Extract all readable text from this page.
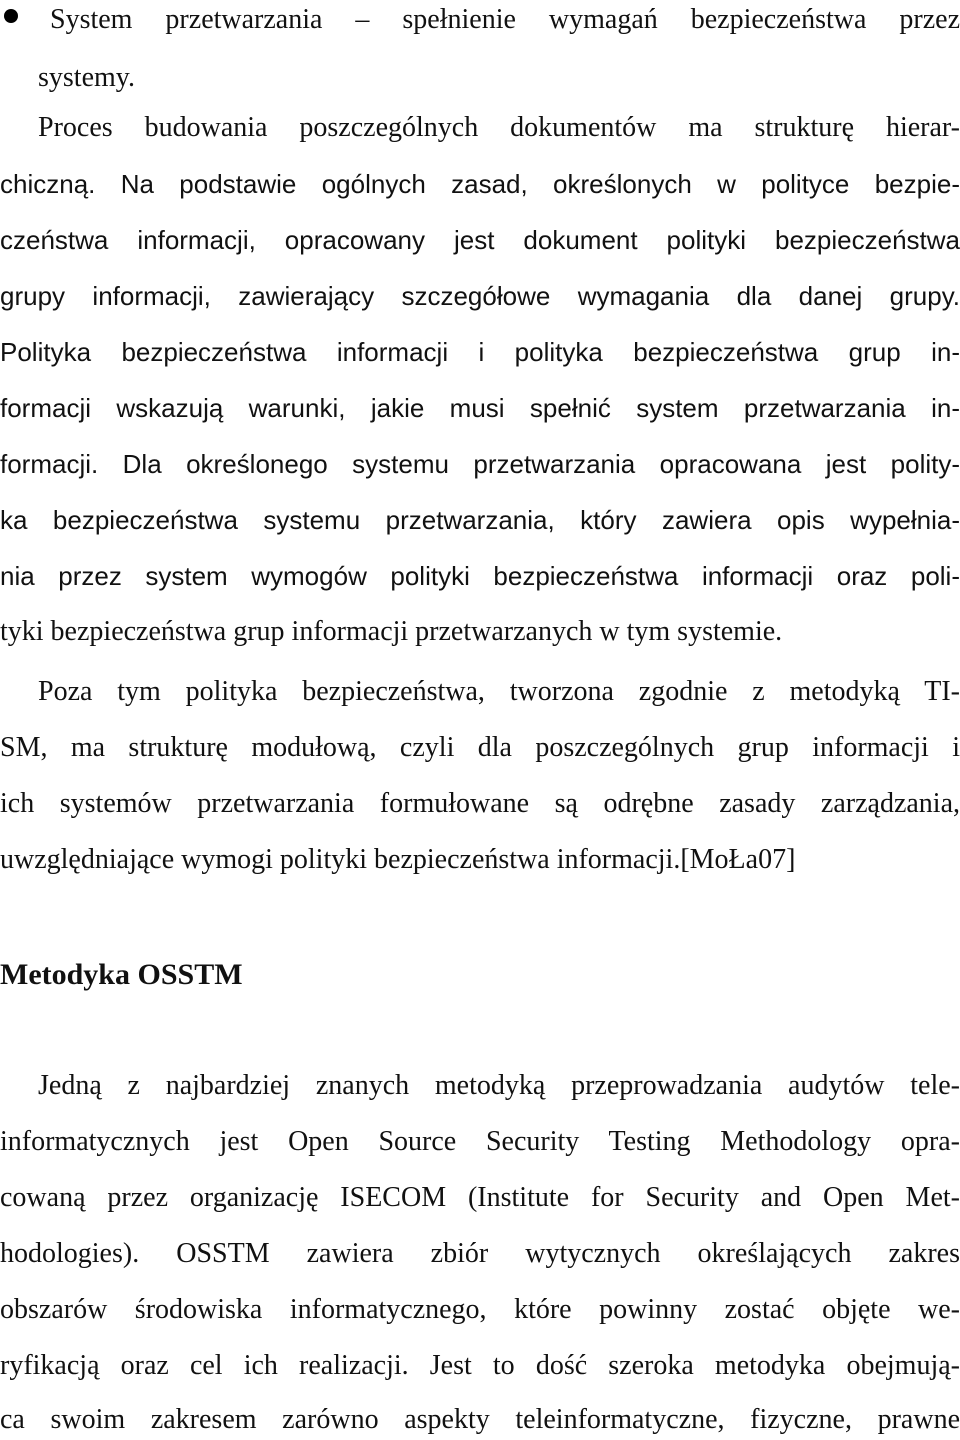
System przetwarzania – spełnienie wymagań bezpieczeństwa przez
systemy.
Proces budowania poszczególnych dokumentów ma strukturę hierar-
chiczną. Na podstawie ogólnych zasad, określonych w polityce bezpie-
czeństwa informacji, opracowany jest dokument polityki bezpieczeństwa
grupy informacji, zawierający szczegółowe wymagania dla danej grupy.
Polityka bezpieczeństwa informacji i polityka bezpieczeństwa grup in-
formacji wskazują warunki, jakie musi spełnić system przetwarzania in-
formacji. Dla określonego systemu przetwarzania opracowana jest polity-
ka bezpieczeństwa systemu przetwarzania, który zawiera opis wypełnia-
nia przez system wymogów polityki bezpieczeństwa informacji oraz poli-
tyki bezpieczeństwa grup informacji przetwarzanych w tym systemie.
Poza tym polityka bezpieczeństwa, tworzona zgodnie z metodyką TI-
SM, ma strukturę modułową, czyli dla poszczególnych grup informacji i
ich systemów przetwarzania formułowane są odrębne zasady zarządzania,
uwzględniające wymogi polityki bezpieczeństwa informacji.[MoŁa07]
Metodyka OSSTM
Jedną z najbardziej znanych metodyką przeprowadzania audytów tele-
informatycznych jest Open Source Security Testing Methodology opra-
cowaną przez organizację ISECOM (Institute for Security and Open Met-
hodologies). OSSTM zawiera zbiór wytycznych określających zakres
obszarów środowiska informatycznego, które powinny zostać objęte we-
ryfikacją oraz cel ich realizacji. Jest to dość szeroka metodyka obejmują-
ca swoim zakresem zarówno aspekty teleinformatyczne, fizyczne, prawne
